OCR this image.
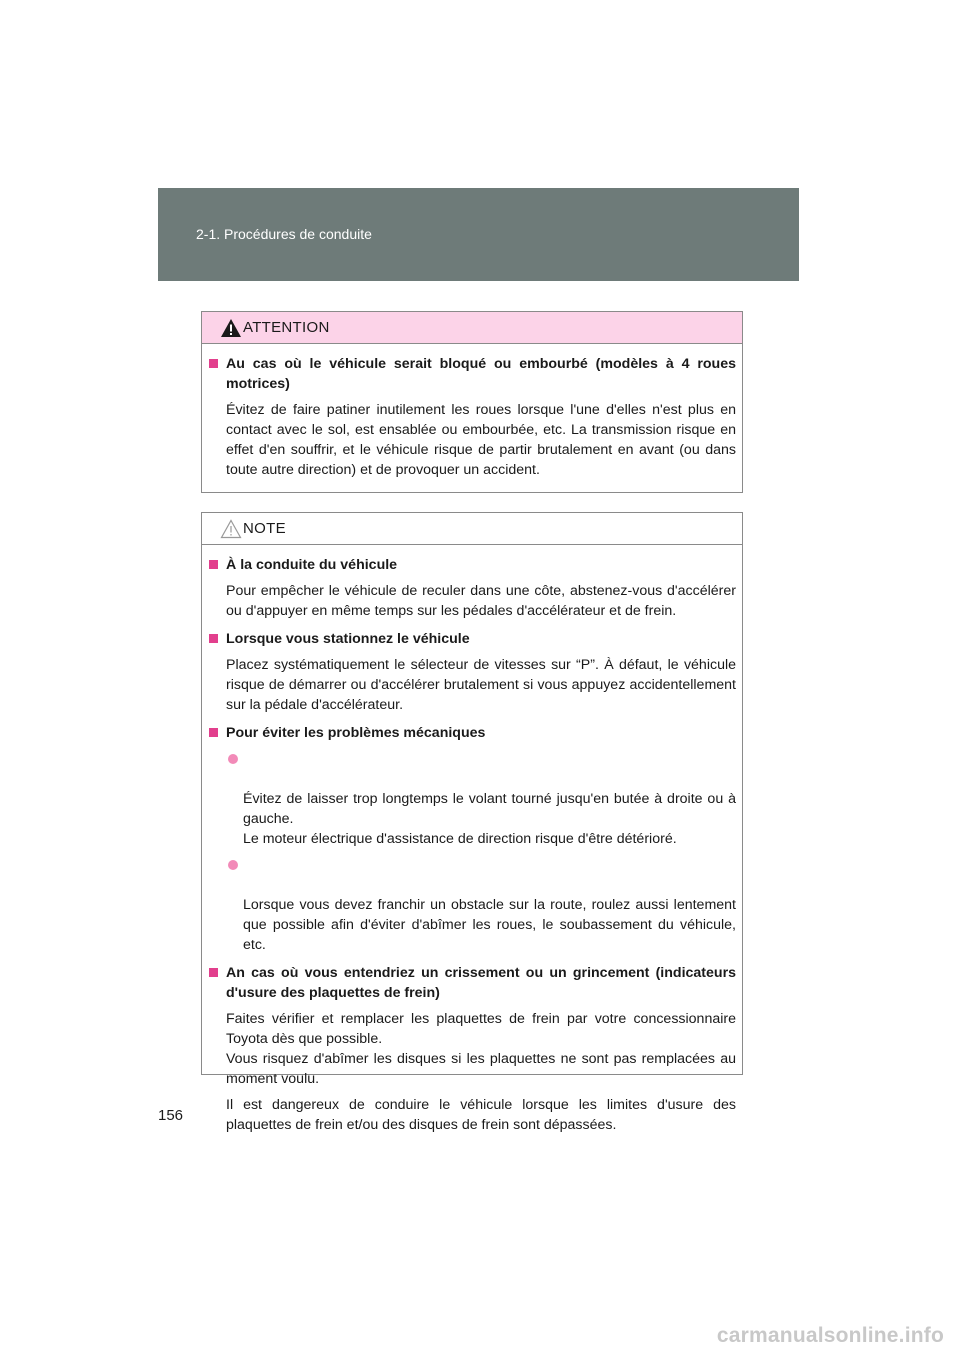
2-1. Procédures de conduite
ATTENTION
Au cas où le véhicule serait bloqué ou embourbé (modèles à 4 roues motrices)
Évitez de faire patiner inutilement les roues lorsque l'une d'elles n'est plus en contact avec le sol, est ensablée ou embourbée, etc. La transmission risque en effet d'en souffrir, et le véhicule risque de partir brutalement en avant (ou dans toute autre direction) et de provoquer un accident.
NOTE
À la conduite du véhicule
Pour empêcher le véhicule de reculer dans une côte, abstenez-vous d'accélérer ou d'appuyer en même temps sur les pédales d'accélérateur et de frein.
Lorsque vous stationnez le véhicule
Placez systématiquement le sélecteur de vitesses sur “P”. À défaut, le véhicule risque de démarrer ou d'accélérer brutalement si vous appuyez accidentellement sur la pédale d'accélérateur.
Pour éviter les problèmes mécaniques

Évitez de laisser trop longtemps le volant tourné jusqu'en butée à droite ou à gauche.
Le moteur électrique d'assistance de direction risque d'être détérioré.

Lorsque vous devez franchir un obstacle sur la route, roulez aussi lentement que possible afin d'éviter d'abîmer les roues, le soubassement du véhicule, etc.

An cas où vous entendriez un crissement ou un grincement (indicateurs d'usure des plaquettes de frein)
Faites vérifier et remplacer les plaquettes de frein par votre concessionnaire Toyota dès que possible.
Vous risquez d'abîmer les disques si les plaquettes ne sont pas remplacées au moment voulu.
Il est dangereux de conduire le véhicule lorsque les limites d'usure des plaquettes de frein et/ou des disques de frein sont dépassées.
156
carmanualsonline.info
